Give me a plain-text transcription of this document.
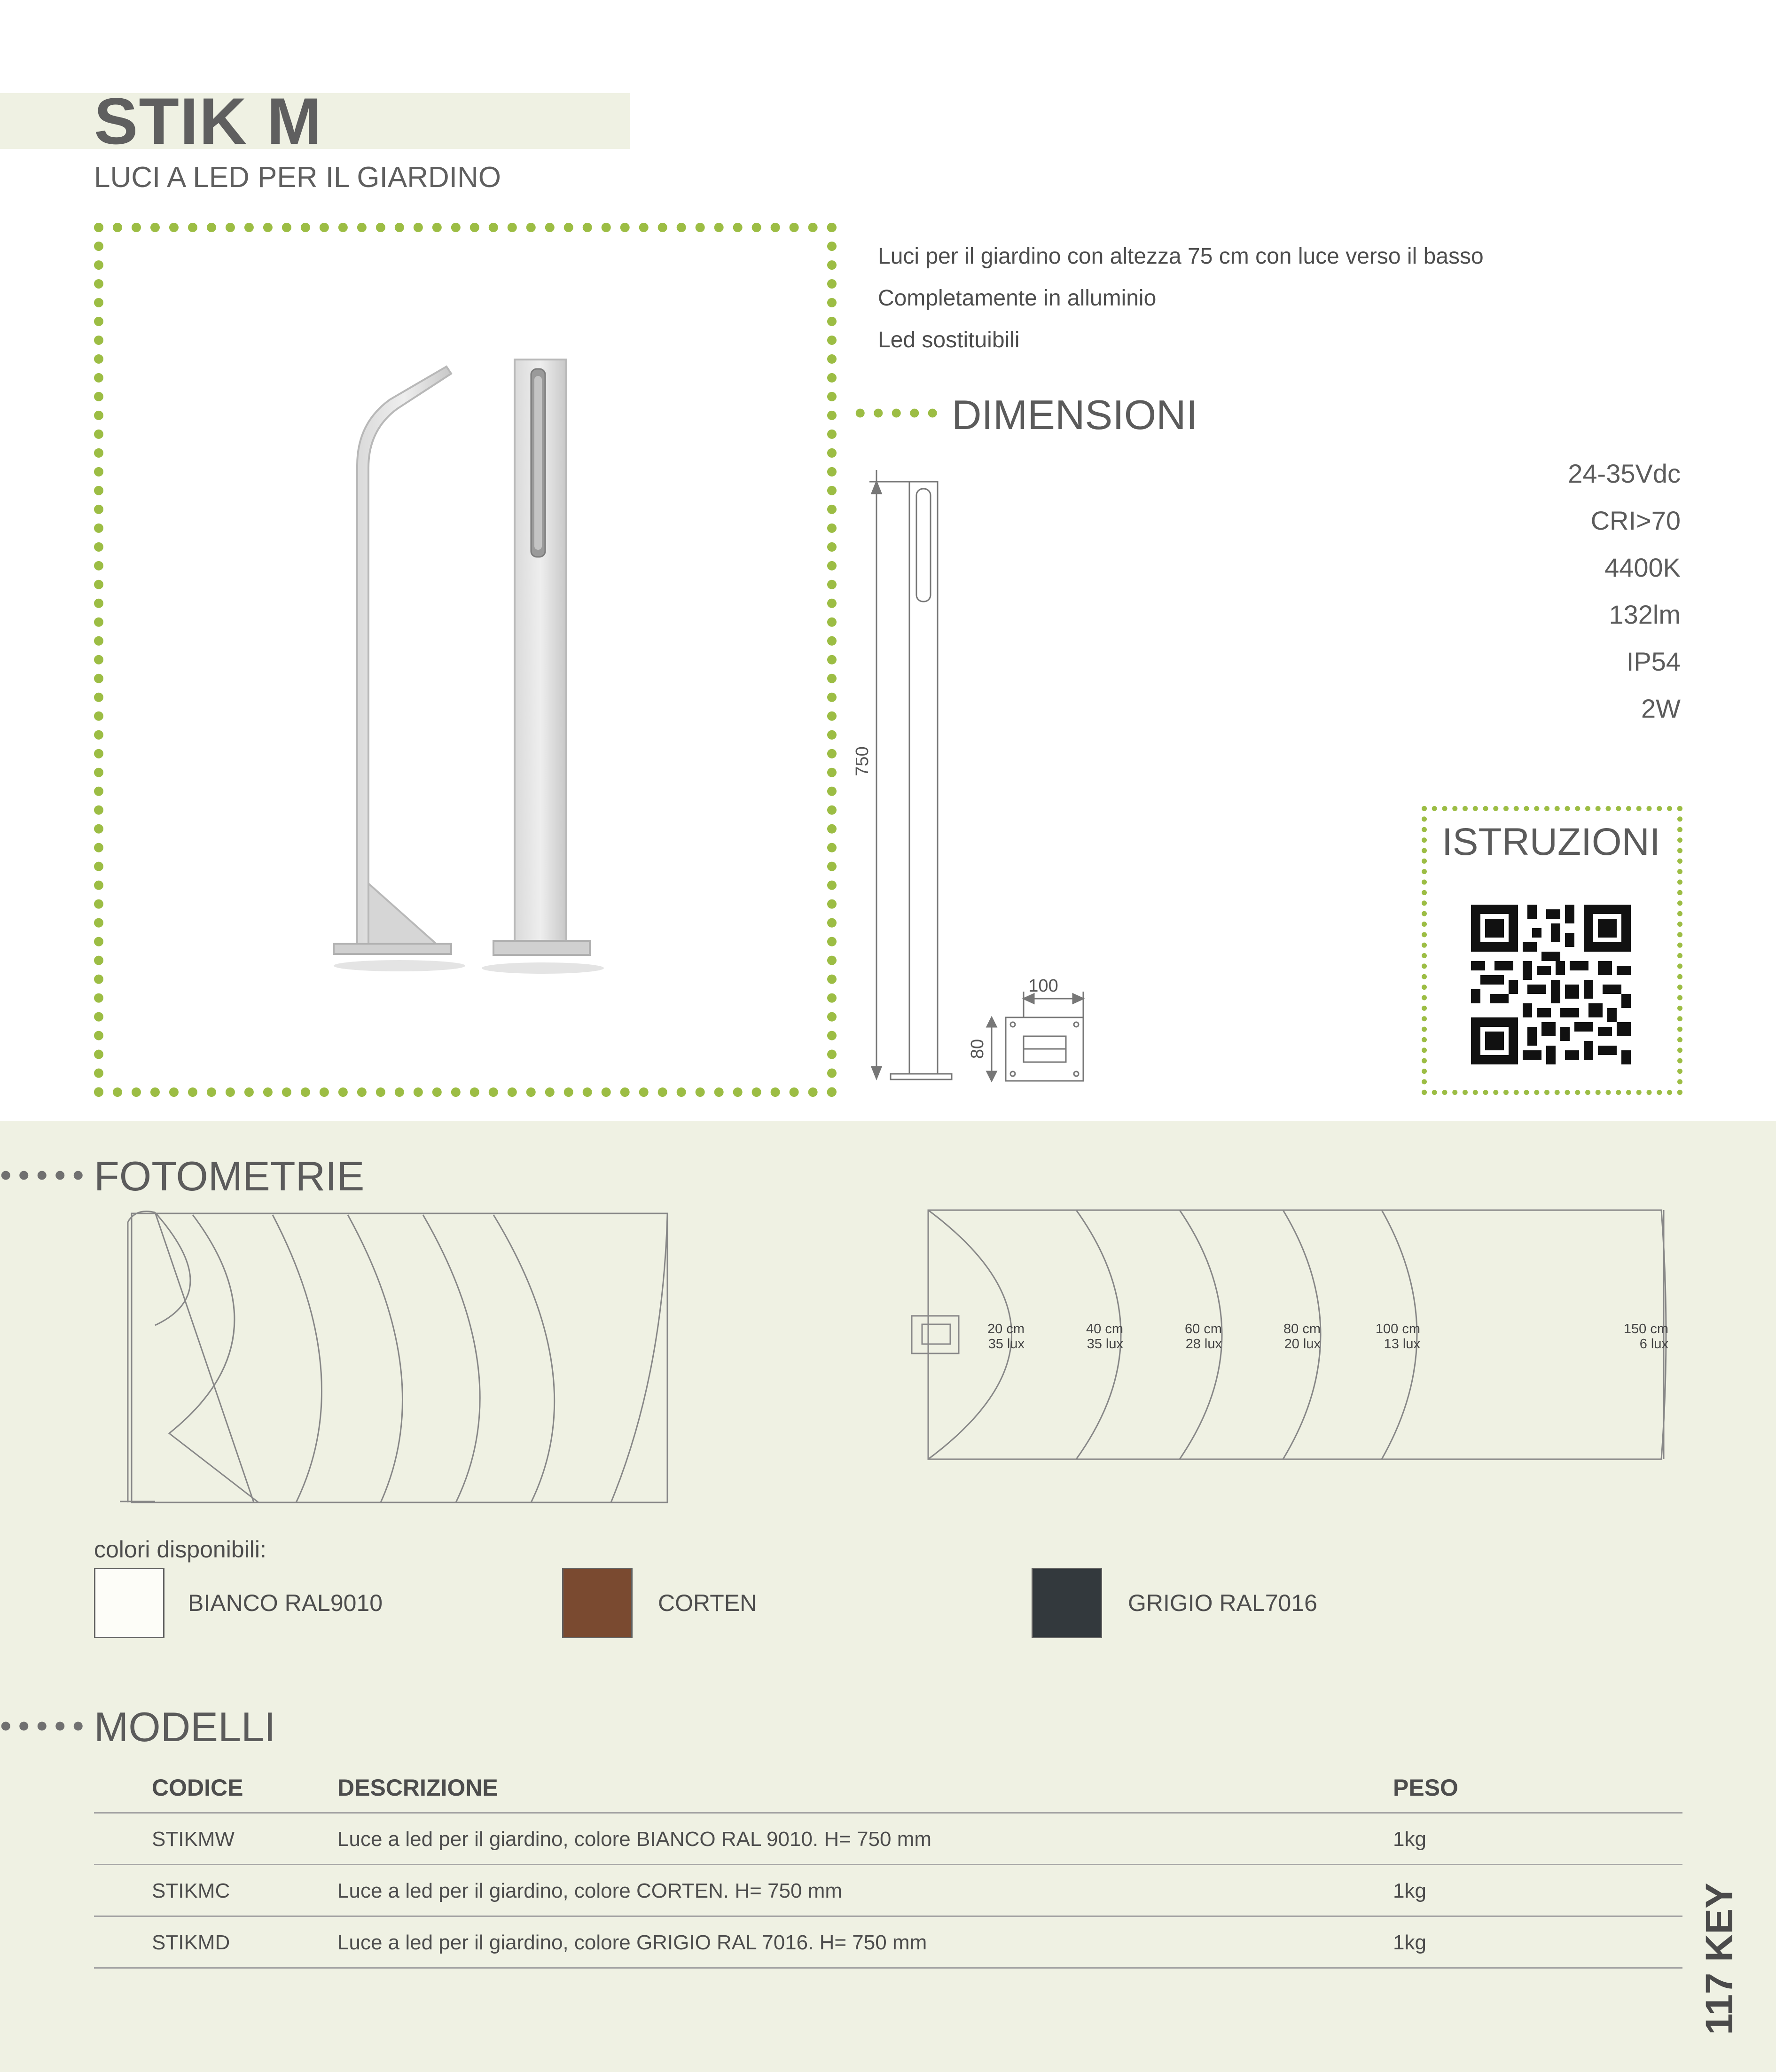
STIK M
LUCI A LED PER IL GIARDINO
Luci per il giardino con altezza 75 cm con luce verso il basso
Completamente in alluminio
Led sostituibili
••••• DIMENSIONI
750
100
80
24-35Vdc
CRI>70
4400K
132lm
IP54
2W
ISTRUZIONI
••••• FOTOMETRIE
20 cm
35 lux
40 cm
35 lux
60 cm
28 lux
80 cm
20 lux
100 cm
13 lux
150 cm
6 lux
colori disponibili:
BIANCO RAL9010	CORTEN	GRIGIO RAL7016
••••• MODELLI
CODICE	DESCRIZIONE	PESO
STIKMW	Luce a led per il giardino, colore BIANCO RAL 9010. H= 750 mm	1kg
STIKMC	Luce a led per il giardino, colore CORTEN. H= 750 mm	1kg
STIKMD	Luce a led per il giardino, colore GRIGIO RAL 7016. H= 750 mm	1kg	117 KEY
